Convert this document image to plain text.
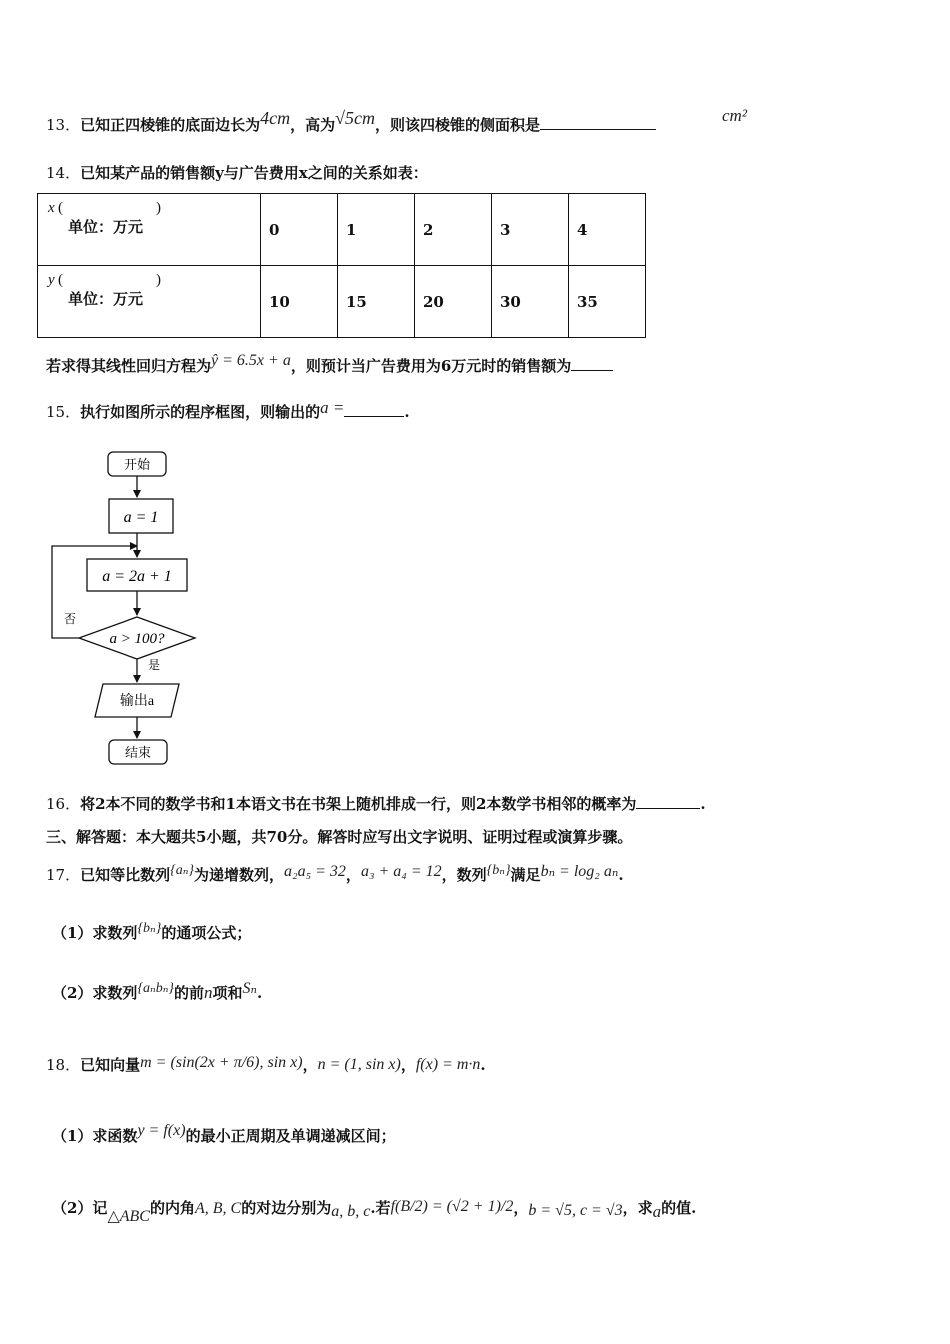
13．已知正四棱锥的底面边长为4cm，高为√5cm，则该四棱锥的侧面积是	cm²
14．已知某产品的销售额y与广告费用x之间的关系如表：
x (
单位：万元
)	0	1	2	3	4

y (
单位：万元
)	10	15	20	30	35
若求得其线性回归方程为ŷ = 6.5x + a，则预计当广告费用为6万元时的销售额为
15．执行如图所示的程序框图，则输出的a =	.
开始
a = 1
a = 2a + 1
a > 100?
否
是
输出a
结束
16．将2本不同的数学书和1本语文书在书架上随机排成一行，则2本数学书相邻的概率为	.
三、解答题：本大题共5小题，共70分。解答时应写出文字说明、证明过程或演算步骤。
17．已知等比数列{aₙ}为递增数列，a₂a₅ = 32，a₃ + a₄ = 12，数列{bₙ}满足bₙ = log₂ aₙ.
（1）求数列{bₙ}的通项公式；
（2）求数列{aₙbₙ}的前n项和Sₙ.
18．已知向量m = (sin(2x + π/6), sin x)，n = (1, sin x)，f(x) = m·n.
（1）求函数y = f(x)的最小正周期及单调递减区间；
（2）记△ABC的内角A, B, C的对边分别为a, b, c.若f(B/2) = (√2 + 1)/2，b = √5, c = √3，求a的值.
